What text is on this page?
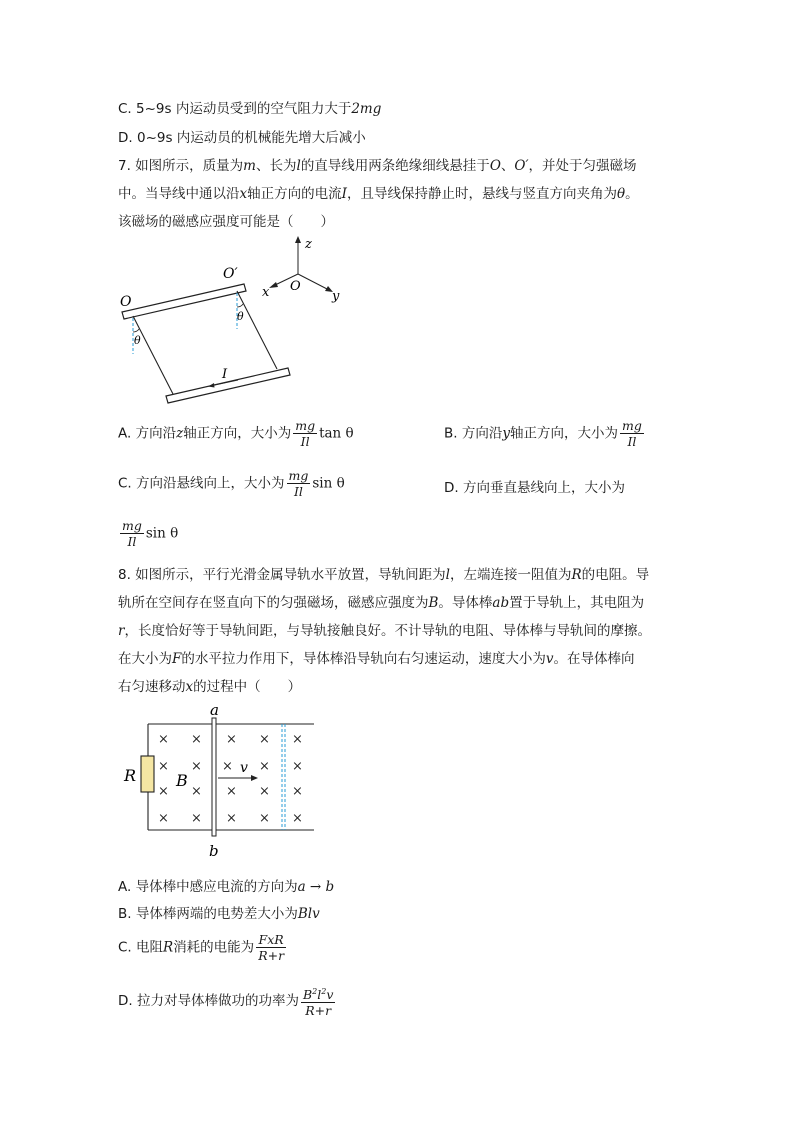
C. 5~9s 内运动员受到的空气阻力大于2mg
D. 0~9s 内运动员的机械能先增大后减小
7. 如图所示，质量为m、长为l的直导线用两条绝缘细线悬挂于O、O′，并处于匀强磁场
中。当导线中通以沿x轴正方向的电流I，且导线保持静止时，悬线与竖直方向夹角为θ。
该磁场的磁感应强度可能是（　　）
O
O′
θ
θ
I
z
x	y
O
A. 方向沿z轴正方向，大小为 $\frac{mg}{Il}$ tan θ	B. 方向沿y轴正方向，大小为 $\frac{mg}{Il}$
C. 方向沿悬线向上，大小为 $\frac{mg}{Il}$ sin θ	D. 方向垂直悬线向上，大小为
$\frac{mg}{Il}$ sin θ
8. 如图所示，平行光滑金属导轨水平放置，导轨间距为l，左端连接一阻值为R的电阻。导
轨所在空间存在竖直向下的匀强磁场，磁感应强度为B。导体棒ab置于导轨上，其电阻为
r，长度恰好等于导轨间距，与导轨接触良好。不计导轨的电阻、导体棒与导轨间的摩擦。
在大小为F的水平拉力作用下，导体棒沿导轨向右匀速运动，速度大小为v。在导体棒向
右匀速移动x的过程中（　　）
× × × × ×
× × × × ×
× × × × ×
× × × × ×
a
b
R B
v
A. 导体棒中感应电流的方向为a → b
B. 导体棒两端的电势差大小为Blv
C. 电阻R消耗的电能为 $\frac{\text{FxR}}{R+r}$
D. 拉力对导体棒做功的功率为 $\frac{B^2l^2v}{R+r}$
